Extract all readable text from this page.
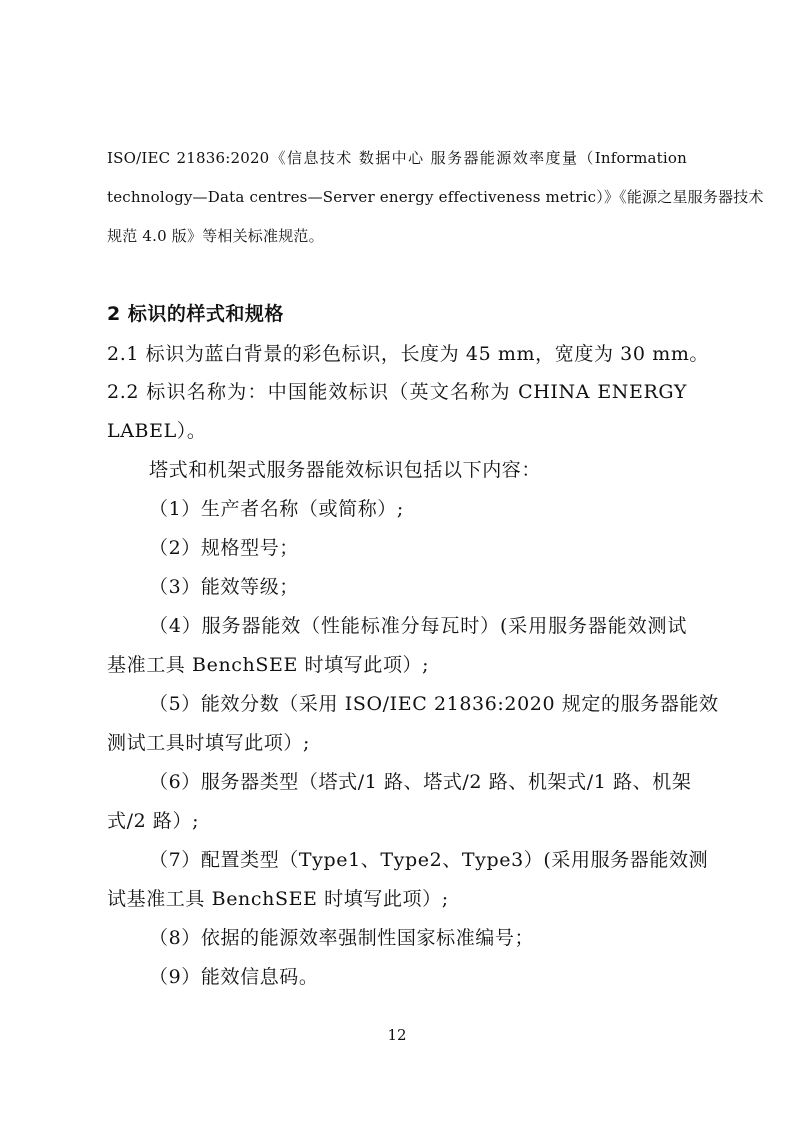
ISO/IEC 21836:2020《信息技术 数据中心 服务器能源效率度量（Information
technology—Data centres—Server energy effectiveness metric）》《能源之星服务器技术
规范 4.0 版》等相关标准规范。
2 标识的样式和规格
2.1 标识为蓝白背景的彩色标识，长度为 45 mm，宽度为 30 mm。
2.2 标识名称为：中国能效标识（英文名称为 CHINA ENERGY
LABEL）。
塔式和机架式服务器能效标识包括以下内容：
（1）生产者名称（或简称）;
（2）规格型号；
（3）能效等级；
（4）服务器能效（性能标准分每瓦时）(采用服务器能效测试
基准工具 BenchSEE 时填写此项）;
（5）能效分数（采用 ISO/IEC 21836:2020 规定的服务器能效
测试工具时填写此项）;
（6）服务器类型（塔式/1 路、塔式/2 路、机架式/1 路、机架
式/2 路）;
（7）配置类型（Type1、Type2、Type3）(采用服务器能效测
试基准工具 BenchSEE 时填写此项）;
（8）依据的能源效率强制性国家标准编号；
（9）能效信息码。
12
